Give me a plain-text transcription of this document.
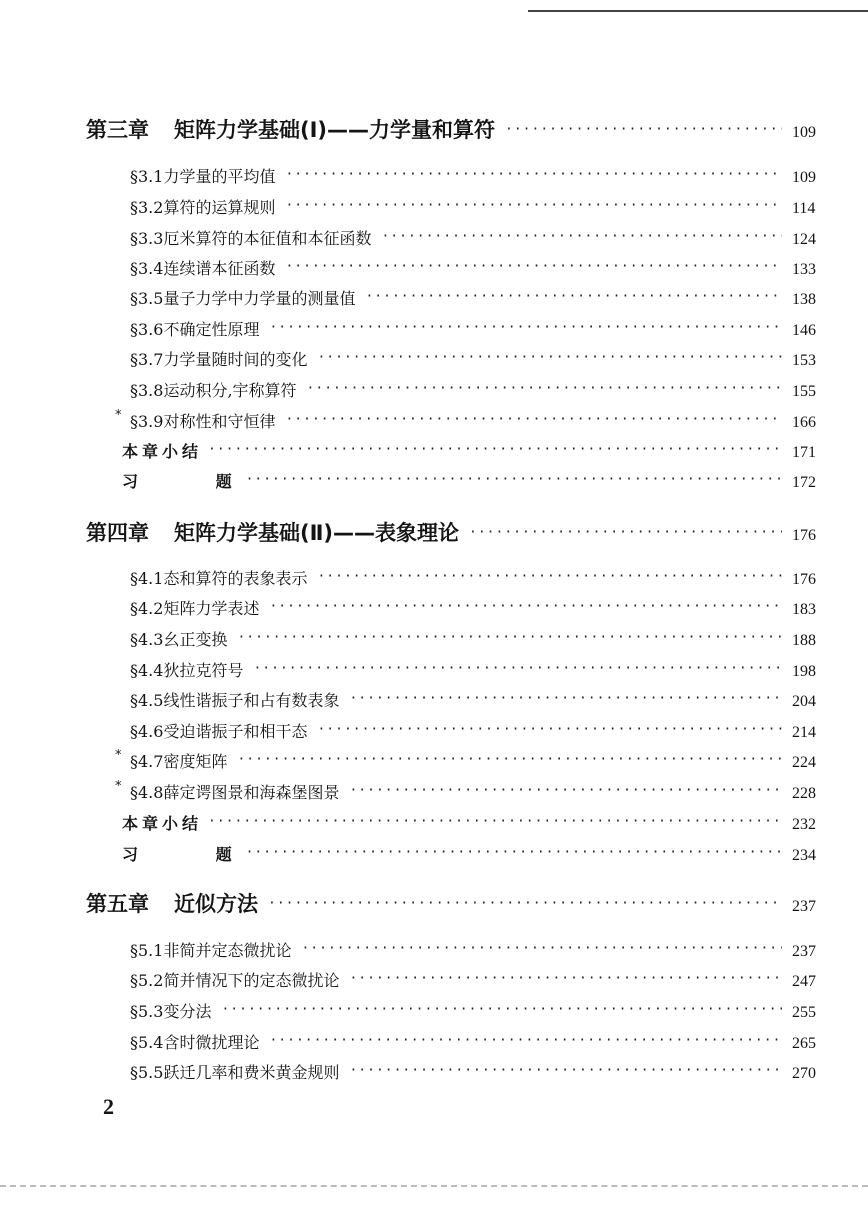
第三章	矩阵力学基础(Ⅰ)——力学量和算符 ·····	109
§3.1 力学量的平均值 ·····	109
§3.2 算符的运算规则 ·····	114
§3.3 厄米算符的本征值和本征函数 ·····	124
§3.4 连续谱本征函数 ·····	133
§3.5 量子力学中力学量的测量值 ·····	138
§3.6 不确定性原理 ·····	146
§3.7 力学量随时间的变化 ·····	153
§3.8 运动积分,宇称算符 ·····	155
* §3.9 对称性和守恒律 ·····	166
本章小结 ·····	171
习 题 ·····	172
第四章	矩阵力学基础(Ⅱ)——表象理论 ·····	176
§4.1 态和算符的表象表示 ·····	176
§4.2 矩阵力学表述 ·····	183
§4.3 幺正变换 ·····	188
§4.4 狄拉克符号 ·····	198
§4.5 线性谐振子和占有数表象 ·····	204
§4.6 受迫谐振子和相干态 ·····	214
* §4.7 密度矩阵 ·····	224
* §4.8 薛定谔图景和海森堡图景 ·····	228
本章小结 ·····	232
习 题 ·····	234
第五章	近似方法 ·····	237
§5.1 非简并定态微扰论 ·····	237
§5.2 简并情况下的定态微扰论 ·····	247
§5.3 变分法 ·····	255
§5.4 含时微扰理论 ·····	265
§5.5 跃迁几率和费米黄金规则 ·····	270
2
